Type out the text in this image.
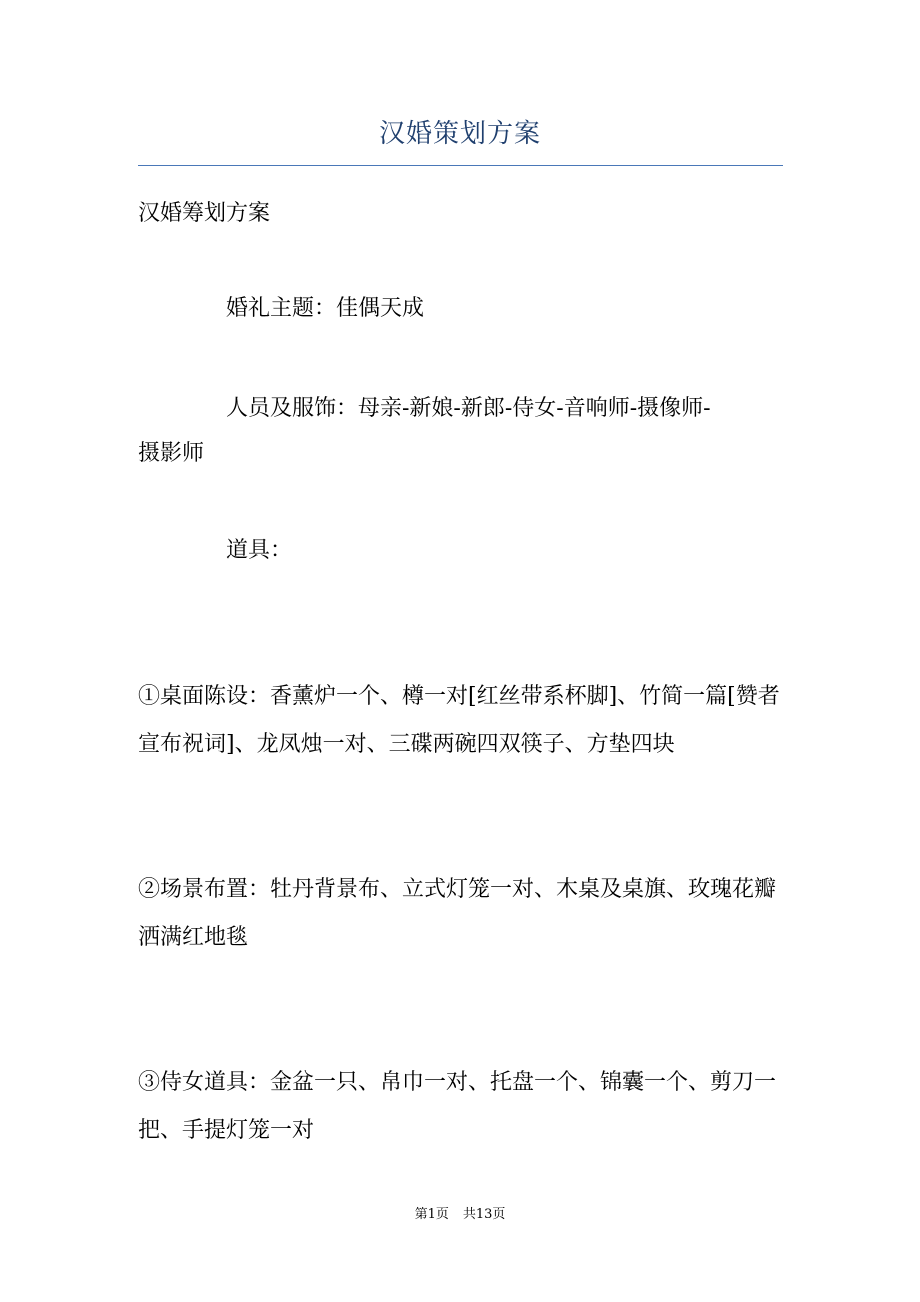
汉婚策划方案
汉婚筹划方案
婚礼主题：佳偶天成
人员及服饰：母亲-新娘-新郎-侍女-音响师-摄像师-
摄影师
道具：
①桌面陈设：香薰炉一个、樽一对[红丝带系杯脚]、竹简一篇[赞者
宣布祝词]、龙凤烛一对、三碟两碗四双筷子、方垫四块
②场景布置：牡丹背景布、立式灯笼一对、木桌及桌旗、玫瑰花瓣
洒满红地毯
③侍女道具：金盆一只、帛巾一对、托盘一个、锦囊一个、剪刀一
把、手提灯笼一对
第1页 共13页
